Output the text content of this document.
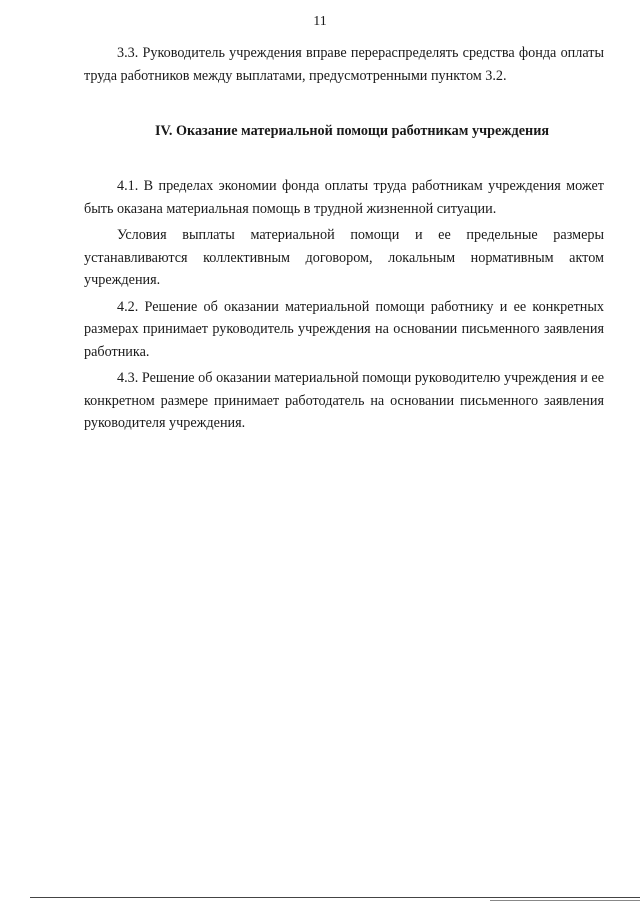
11

3.3. Руководитель учреждения вправе перераспределять средства фонда оплаты труда работников между выплатами, предусмотренными пунктом 3.2.

IV. Оказание материальной помощи работникам учреждения

4.1. В пределах экономии фонда оплаты труда работникам учреждения может быть оказана материальная помощь в трудной жизненной ситуации.

Условия выплаты материальной помощи и ее предельные размеры устанавливаются коллективным договором, локальным нормативным актом учреждения.

4.2. Решение об оказании материальной помощи работнику и ее конкретных размерах принимает руководитель учреждения на основании письменного заявления работника.

4.3. Решение об оказании материальной помощи руководителю учреждения и ее конкретном размере принимает работодатель на основании письменного заявления руководителя учреждения.
